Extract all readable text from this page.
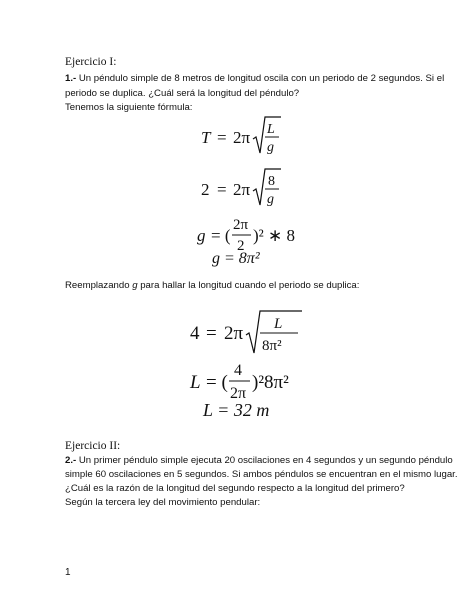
Ejercicio I:
1.- Un péndulo simple de 8 metros de longitud oscila con un periodo de 2 segundos. Si el
periodo se duplica. ¿Cuál será la longitud del péndulo?
Tenemos la siguiente fórmula:
T = 2π L
g
2 = 2π 8
g
g = (
2π
2
)² ∗ 8
g = 8π²
Reemplazando g para hallar la longitud cuando el periodo se duplica:
4 = 2π L
8π²
L = (
4
2π
)²8π²
L = 32 m
Ejercicio II:
2.- Un primer péndulo simple ejecuta 20 oscilaciones en 4 segundos y un segundo péndulo
simple 60 oscilaciones en 5 segundos. Si ambos péndulos se encuentran en el mismo lugar.
¿Cuál es la razón de la longitud del segundo respecto a la longitud del primero?
Según la tercera ley del movimiento pendular:
1
